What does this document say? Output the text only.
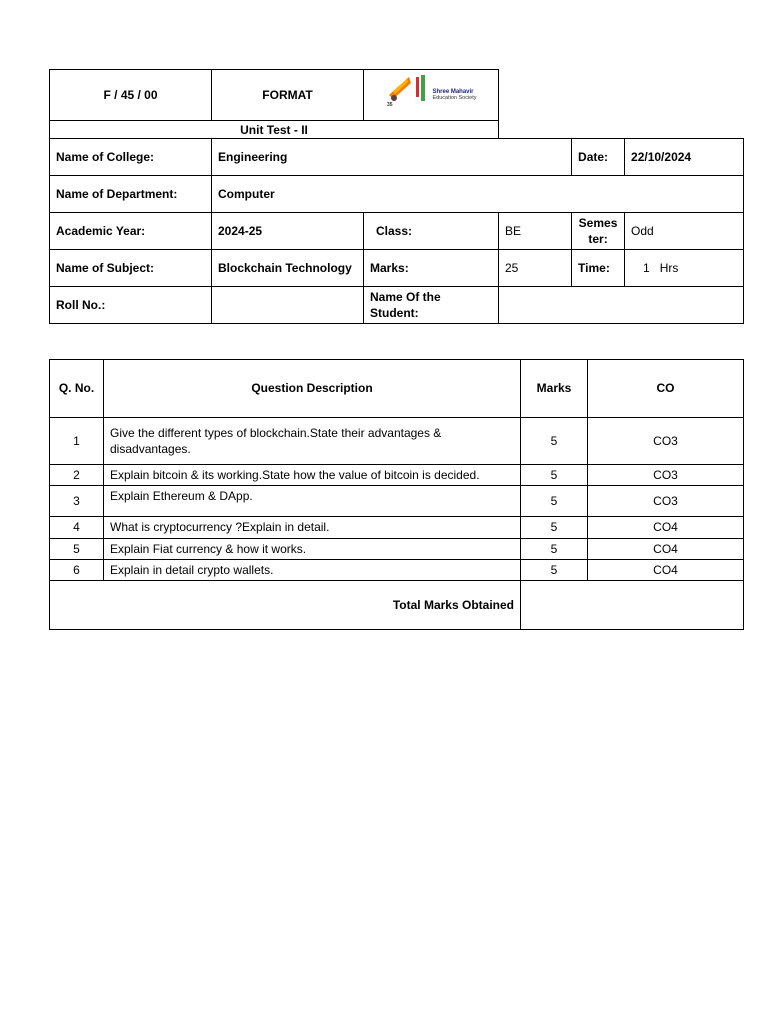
F / 45 / 00	FORMAT
35
Shree Mahavir
Education Society
Unit Test - II
Name of College:	Engineering			Date:	22/10/2024
Name of Department:	Computer				
Academic Year:	2024-25	Class:	BE	Semes ter:	Odd
Name of Subject:	Blockchain Technology	Marks:	25	Time:	1   Hrs
Roll No.:		Name Of the Student:			
Q. No.	Question Description	Marks	CO
1	Give the different types of blockchain.State their advantages & disadvantages.	5	CO3
2	Explain bitcoin & its working.State how the value of bitcoin is decided.	5	CO3
3	Explain Ethereum & DApp.	5	CO3
4	What is cryptocurrency ?Explain in detail.	5	CO4
5	Explain Fiat currency & how it works.	5	CO4
6	Explain in detail crypto wallets.	5	CO4
Total Marks Obtained			
